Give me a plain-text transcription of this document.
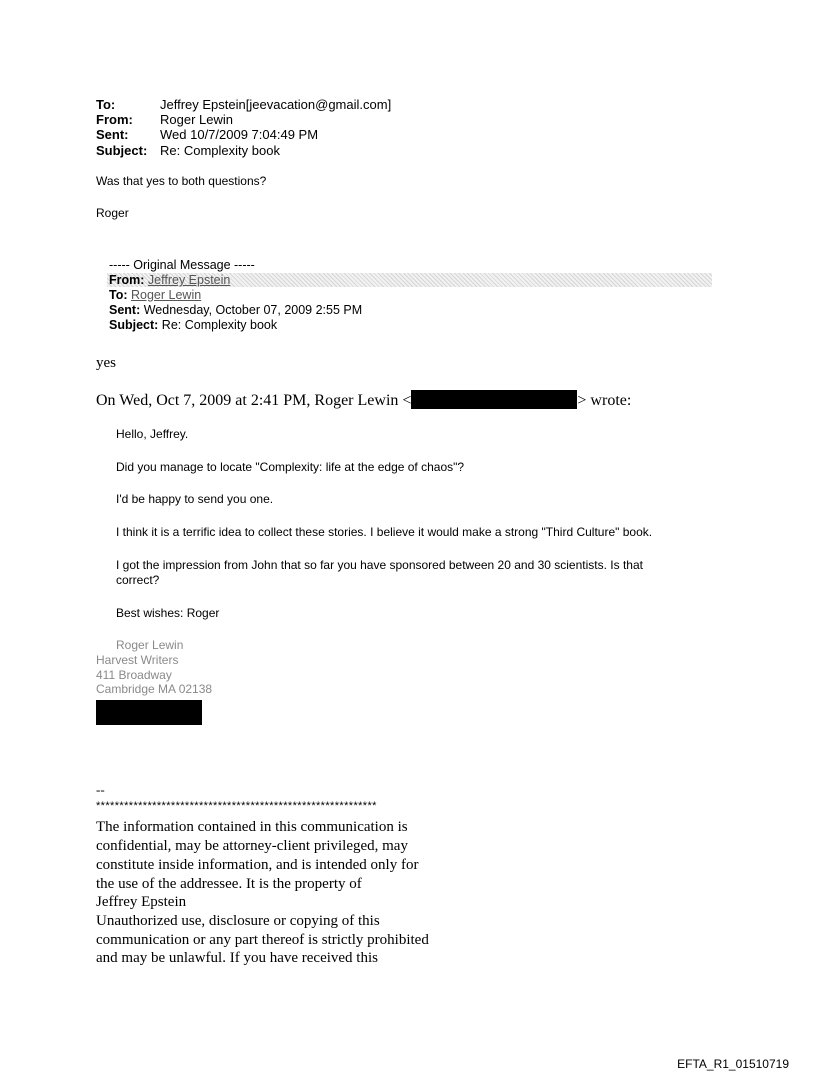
To:	Jeffrey Epstein[jeevacation@gmail.com]
From: Roger Lewin
Sent: Wed 10/7/2009 7:04:49 PM
Subject: Re: Complexity book
Was that yes to both questions?
Roger
----- Original Message -----
From: Jeffrey Epstein
To: Roger Lewin
Sent: Wednesday, October 07, 2009 2:55 PM
Subject: Re: Complexity book
yes
On Wed, Oct 7, 2009 at 2:41 PM, Roger Lewin <	> wrote:
Hello, Jeffrey.
Did you manage to locate "Complexity: life at the edge of chaos"?
I'd be happy to send you one.
I think it is a terrific idea to collect these stories. I believe it would make a strong "Third Culture" book.
I got the impression from John that so far you have sponsored between 20 and 30 scientists. Is that
correct?
Best wishes: Roger
Roger Lewin
Harvest Writers
411 Broadway
Cambridge MA 02138
--
************************************************************
The information contained in this communication is
confidential, may be attorney-client privileged, may
constitute inside information, and is intended only for
the use of the addressee. It is the property of
Jeffrey Epstein
Unauthorized use, disclosure or copying of this
communication or any part thereof is strictly prohibited
and may be unlawful. If you have received this
EFTA_R1_01510719
